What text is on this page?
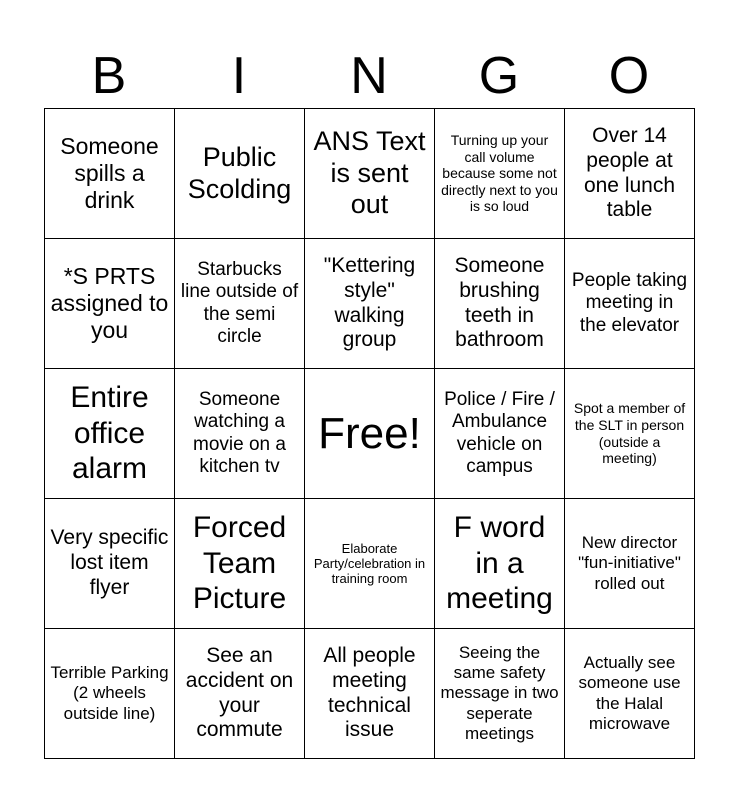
B	I	N	G	O
Someone spills a drink
Public Scolding
ANS Text is sent out
Turning up your call volume because some not directly next to you is so loud
Over 14 people at one lunch table
*S PRTS assigned to you
Starbucks line outside of the semi circle
"Kettering style" walking group
Someone brushing teeth in bathroom
People taking meeting in the elevator
Entire office alarm
Someone watching a movie on a kitchen tv
Free!
Police / Fire / Ambulance vehicle on campus
Spot a member of the SLT in person (outside a meeting)
Very specific lost item flyer
Forced Team Picture
Elaborate Party/celebration in training room
F word in a meeting
New director "fun-initiative" rolled out
Terrible Parking (2 wheels outside line)
See an accident on your commute
All people meeting technical issue
Seeing the same safety message in two seperate meetings
Actually see someone use the Halal microwave
